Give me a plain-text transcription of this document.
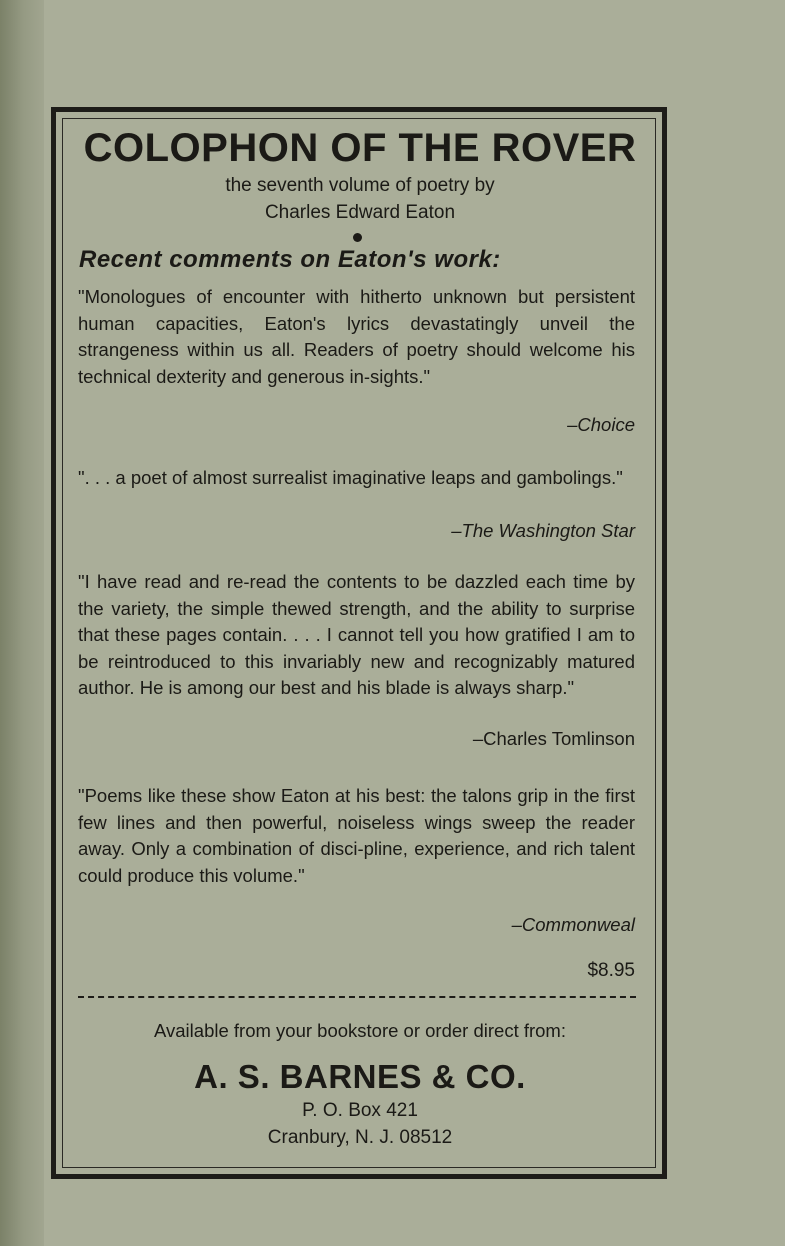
COLOPHON OF THE ROVER
the seventh volume of poetry by
Charles Edward Eaton
Recent comments on Eaton's work:
"Monologues of encounter with hitherto unknown but persistent human capacities, Eaton's lyrics devastatingly unveil the strangeness within us all. Readers of poetry should welcome his technical dexterity and generous in-sights."
–Choice
". . . a poet of almost surrealist imaginative leaps and gambolings."
–The Washington Star
"I have read and re-read the contents to be dazzled each time by the variety, the simple thewed strength, and the ability to surprise that these pages contain. . . . I cannot tell you how gratified I am to be reintroduced to this invariably new and recognizably matured author. He is among our best and his blade is always sharp."
–Charles Tomlinson
"Poems like these show Eaton at his best: the talons grip in the first few lines and then powerful, noiseless wings sweep the reader away. Only a combination of disci-pline, experience, and rich talent could produce this volume."
–Commonweal
$8.95
Available from your bookstore or order direct from:
A. S. BARNES & CO.
P. O. Box 421
Cranbury, N. J. 08512
